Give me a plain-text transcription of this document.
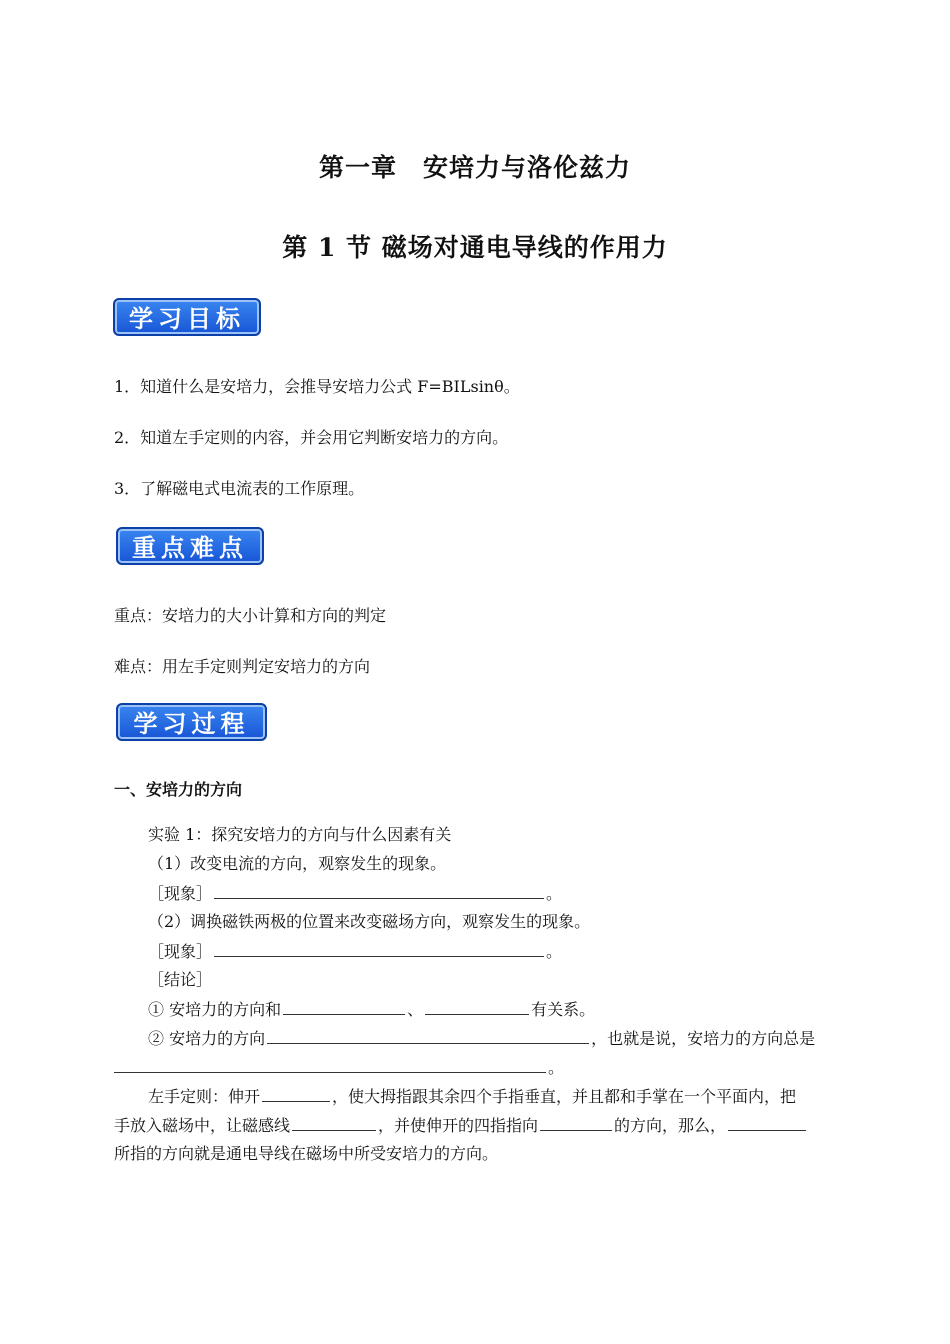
第一章　安培力与洛伦兹力
第 1 节 磁场对通电导线的作用力
学习目标
1．知道什么是安培力，会推导安培力公式 F=BILsinθ。
2．知道左手定则的内容，并会用它判断安培力的方向。
3．了解磁电式电流表的工作原理。
重点难点
重点：安培力的大小计算和方向的判定
难点：用左手定则判定安培力的方向
学习过程
一、安培力的方向
实验 1：探究安培力的方向与什么因素有关
（1）改变电流的方向，观察发生的现象。
［现象］	。
（2）调换磁铁两极的位置来改变磁场方向，观察发生的现象。
［现象］	。
［结论］
① 安培力的方向和	、	有关系。
② 安培力的方向	，也就是说，安培力的方向总是
。
左手定则：伸开	，使大拇指跟其余四个手指垂直，并且都和手掌在一个平面内，把
手放入磁场中，让磁感线	，并使伸开的四指指向	的方向，那么，
所指的方向就是通电导线在磁场中所受安培力的方向。
